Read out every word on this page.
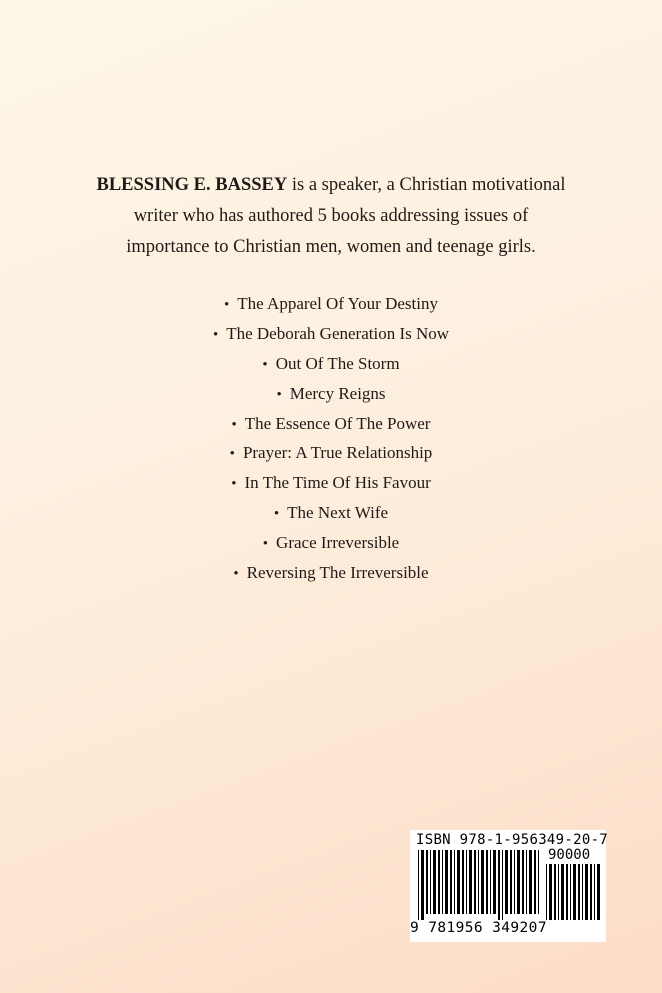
BLESSING E. BASSEY is a speaker, a Christian motivational writer who has authored 5 books addressing issues of importance to Christian men, women and teenage girls.
• The Apparel Of Your Destiny
• The Deborah Generation Is Now
• Out Of The Storm
• Mercy Reigns
• The Essence Of The Power
• Prayer: A True Relationship
• In The Time Of His Favour
• The Next Wife
• Grace Irreversible
• Reversing The Irreversible
ISBN 978-1-956349-20-7
90000
9 781956 349207
